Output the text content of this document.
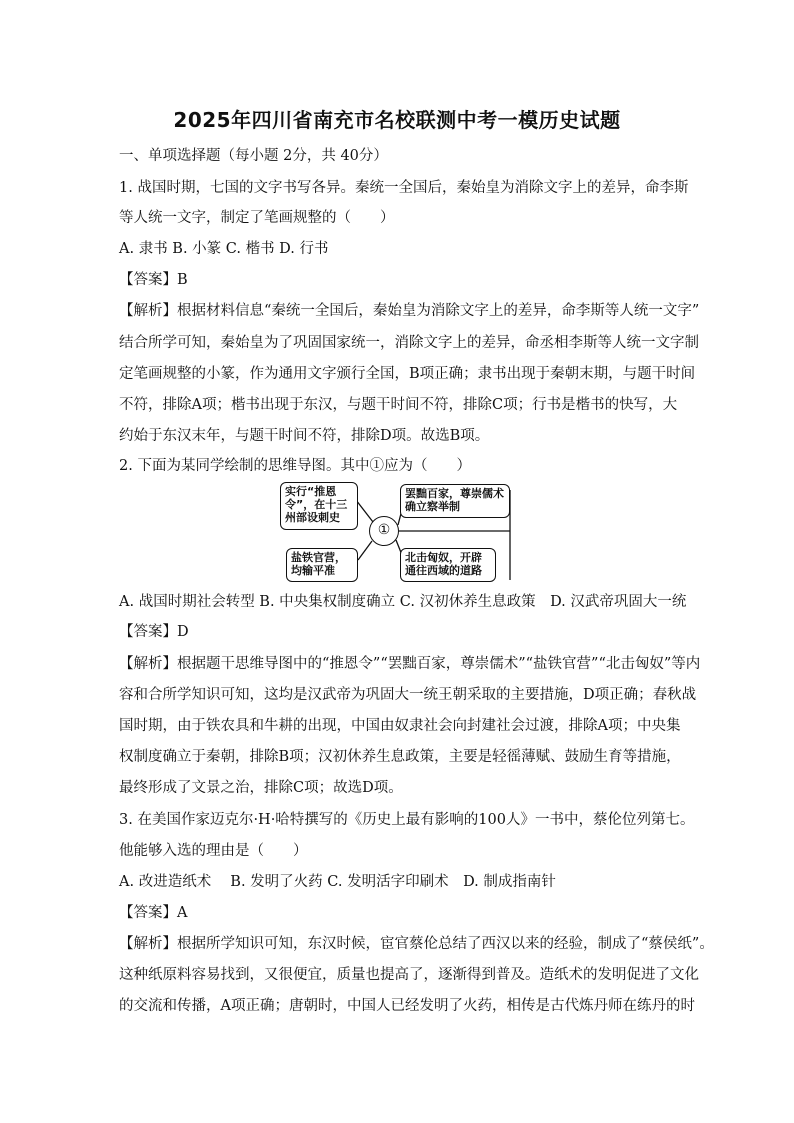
2025年四川省南充市名校联测中考一模历史试题
一、单项选择题（每小题 2分，共 40分）
1. 战国时期，七国的文字书写各异。秦统一全国后，秦始皇为消除文字上的差异，命李斯
等人统一文字，制定了笔画规整的（　　）
A. 隶书 B. 小篆 C. 楷书 D. 行书
【答案】B
【解析】根据材料信息“秦统一全国后，秦始皇为消除文字上的差异，命李斯等人统一文字”
结合所学可知，秦始皇为了巩固国家统一，消除文字上的差异，命丞相李斯等人统一文字制
定笔画规整的小篆，作为通用文字颁行全国，B项正确；隶书出现于秦朝末期，与题干时间
不符，排除A项；楷书出现于东汉，与题干时间不符，排除C项；行书是楷书的快写，大
约始于东汉末年，与题干时间不符，排除D项。故选B项。
2. 下面为某同学绘制的思维导图。其中①应为（　　）
实行“推恩令”，在十三州部设刺史
罢黜百家，尊崇儒术确立察举制
①
盐铁官营，均输平准
北击匈奴，开辟通往西域的道路
A. 战国时期社会转型 B. 中央集权制度确立 C. 汉初休养生息政策　D. 汉武帝巩固大一统
【答案】D
【解析】根据题干思维导图中的“推恩令”“罢黜百家，尊崇儒术”“盐铁官营”“北击匈奴”等内
容和合所学知识可知，这均是汉武帝为巩固大一统王朝采取的主要措施，D项正确；春秋战
国时期，由于铁农具和牛耕的出现，中国由奴隶社会向封建社会过渡，排除A项；中央集
权制度确立于秦朝，排除B项；汉初休养生息政策，主要是轻徭薄赋、鼓励生育等措施，
最终形成了文景之治，排除C项；故选D项。
3. 在美国作家迈克尔·H·哈特撰写的《历史上最有影响的100人》一书中，蔡伦位列第七。
他能够入选的理由是（　　）
A. 改进造纸术　 B. 发明了火药 C. 发明活字印刷术　D. 制成指南针
【答案】A
【解析】根据所学知识可知，东汉时候，宦官蔡伦总结了西汉以来的经验，制成了“蔡侯纸”。
这种纸原料容易找到，又很便宜，质量也提高了，逐渐得到普及。造纸术的发明促进了文化
的交流和传播，A项正确；唐朝时，中国人已经发明了火药，相传是古代炼丹师在练丹的时
